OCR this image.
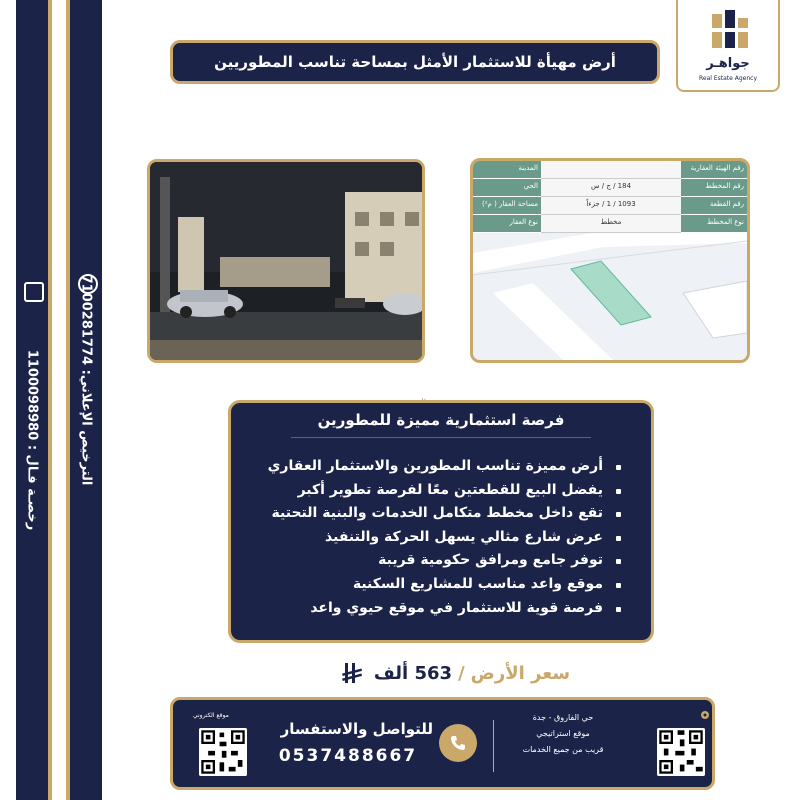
رخصـة فـال : 1100098980
الترخيص الإعلاني: 7100281774
جواهـر
Real Estate Agency
أرض مهيأة للاستثمار الأمثل بمساحة تناسب المطوريين
رقم الهيئة العقارية
المدينة
رقم المخطط
184 / ج / س
الحي
رقم القطعة
1093 / 1 / جزءاً
مساحة العقار ( م²)
نوع المخطط
مخطط
نوع العقار
فرصة استثمارية مميزة للمطورين
أرض مميزة تناسب المطورين والاستثمار العقاري
يفضل البيع للقطعتين معًا لفرصة تطوير أكبر
تقع داخل مخطط متكامل الخدمات والبنية التحتية
عرض شارع مثالي يسهل الحركة والتنفيذ
توفر جامع ومرافق حكومية قريبة
موقع واعد مناسب للمشاريع السكنية
فرصة قوية للاستثمار في موقع حيوي واعد
سعر الأرض
/
563 ألف
موقع الكتروني
للتواصل والاستفسار
0537488667
حي الفاروق - جدة
موقع استراتيجي
قريب من جميع الخدمات
